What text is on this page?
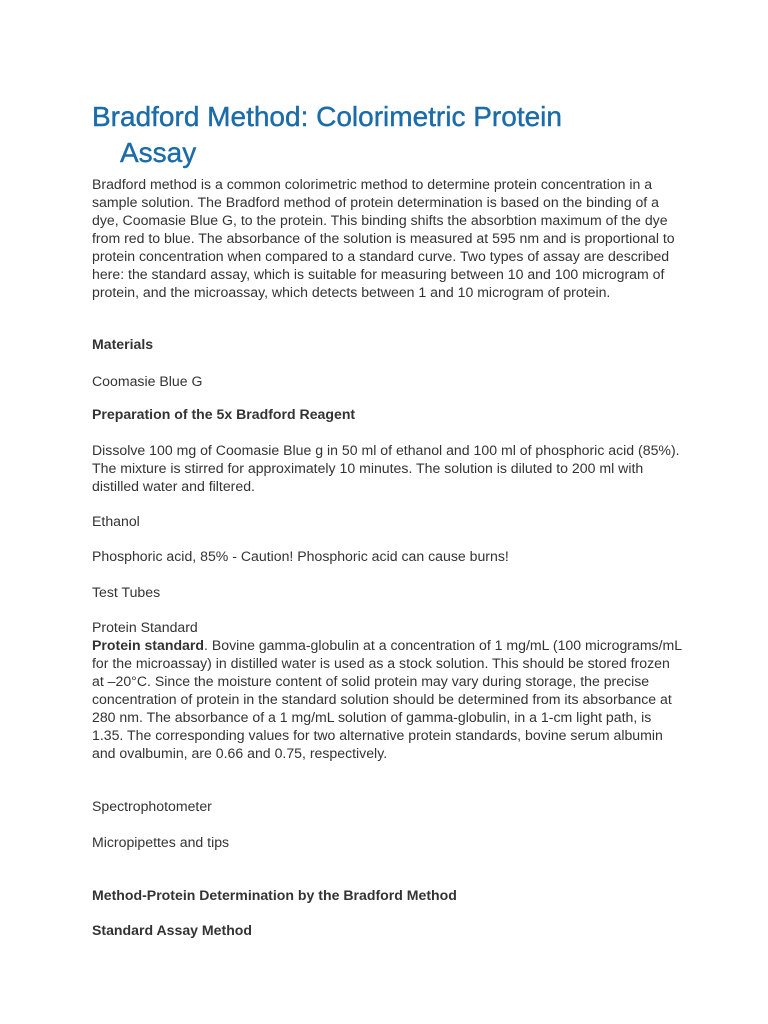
Bradford Method: Colorimetric Protein
Assay

Bradford method is a common colorimetric method to determine protein concentration in a sample solution. The Bradford method of protein determination is based on the binding of a dye, Coomasie Blue G, to the protein. This binding shifts the absorbtion maximum of the dye from red to blue. The absorbance of the solution is measured at 595 nm and is proportional to protein concentration when compared to a standard curve. Two types of assay are described here: the standard assay, which is suitable for measuring between 10 and 100 microgram of protein, and the microassay, which detects between 1 and 10 microgram of protein.

Materials

Coomasie Blue G

Preparation of the 5x Bradford Reagent

Dissolve 100 mg of Coomasie Blue g in 50 ml of ethanol and 100 ml of phosphoric acid (85%). The mixture is stirred for approximately 10 minutes. The solution is diluted to 200 ml with distilled water and filtered.

Ethanol

Phosphoric acid, 85% - Caution! Phosphoric acid can cause burns!

Test Tubes

Protein Standard

Protein standard. Bovine gamma-globulin at a concentration of 1 mg/mL (100 micrograms/mL for the microassay) in distilled water is used as a stock solution. This should be stored frozen at –20°C. Since the moisture content of solid protein may vary during storage, the precise concentration of protein in the standard solution should be determined from its absorbance at 280 nm. The absorbance of a 1 mg/mL solution of gamma-globulin, in a 1-cm light path, is 1.35. The corresponding values for two alternative protein standards, bovine serum albumin and ovalbumin, are 0.66 and 0.75, respectively.

Spectrophotometer

Micropipettes and tips

Method-Protein Determination by the Bradford Method

Standard Assay Method
